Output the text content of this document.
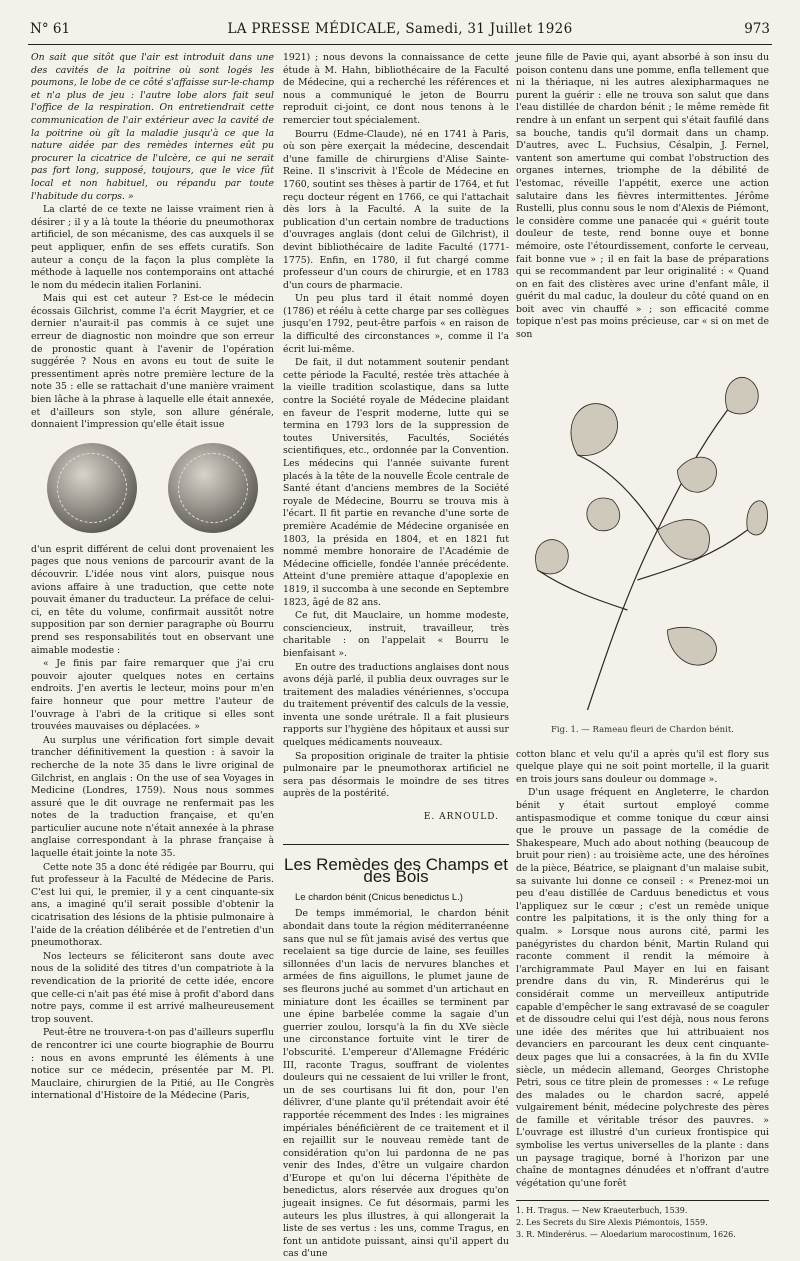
N° 61	LA PRESSE MÉDICALE, Samedi, 31 Juillet 1926	973

On sait que sitôt que l'air est introduit dans une des cavités de la poitrine où sont logés les poumons, le lobe de ce côté s'affaisse sur-le-champ et n'a plus de jeu : l'autre lobe alors fait seul l'office de la respiration. On entretiendrait cette communication de l'air extérieur avec la cavité de la poitrine où gît la maladie jusqu'à ce que la nature aidée par des remèdes internes eût pu procurer la cicatrice de l'ulcère, ce qui ne serait pas fort long, supposé, toujours, que le vice fût local et non habituel, ou répandu par toute l'habitude du corps. »

La clarté de ce texte ne laisse vraiment rien à désirer ; il y a là toute la théorie du pneumothorax artificiel, de son mécanisme, des cas auxquels il se peut appliquer, enfin de ses effets curatifs. Son auteur a conçu de la façon la plus complète la méthode à laquelle nos contemporains ont attaché le nom du médecin italien Forlanini.

Mais qui est cet auteur ? Est-ce le médecin écossais Gilchrist, comme l'a écrit Maygrier, et ce dernier n'aurait-il pas commis à ce sujet une erreur de diagnostic non moindre que son erreur de pronostic quant à l'avenir de l'opération suggérée ? Nous en avons eu tout de suite le pressentiment après notre première lecture de la note 35 : elle se rattachait d'une manière vraiment bien lâche à la phrase à laquelle elle était annexée, et d'ailleurs son style, son allure générale, donnaient l'impression qu'elle était issue

d'un esprit différent de celui dont provenaient les pages que nous venions de parcourir avant de la découvrir. L'idée nous vint alors, puisque nous avions affaire à une traduction, que cette note pouvait émaner du traducteur. La préface de celui-ci, en tête du volume, confirmait aussitôt notre supposition par son dernier paragraphe où Bourru prend ses responsabilités tout en observant une aimable modestie :

« Je finis par faire remarquer que j'ai cru pouvoir ajouter quelques notes en certains endroits. J'en avertis le lecteur, moins pour m'en faire honneur que pour mettre l'auteur de l'ouvrage à l'abri de la critique si elles sont trouvées mauvaises ou déplacées. »

Au surplus une vérification fort simple devait trancher définitivement la question : à savoir la recherche de la note 35 dans le livre original de Gilchrist, en anglais : On the use of sea Voyages in Medicine (Londres, 1759). Nous nous sommes assuré que le dit ouvrage ne renfermait pas les notes de la traduction française, et qu'en particulier aucune note n'était annexée à la phrase anglaise correspondant à la phrase française à laquelle était jointe la note 35.

Cette note 35 a donc été rédigée par Bourru, qui fut professeur à la Faculté de Médecine de Paris. C'est lui qui, le premier, il y a cent cinquante-six ans, a imaginé qu'il serait possible d'obtenir la cicatrisation des lésions de la phtisie pulmonaire à l'aide de la création délibérée et de l'entretien d'un pneumothorax.

Nos lecteurs se féliciteront sans doute avec nous de la solidité des titres d'un compatriote à la revendication de la priorité de cette idée, encore que celle-ci n'ait pas été mise à profit d'abord dans notre pays, comme il est arrivé malheureusement trop souvent.

Peut-être ne trouvera-t-on pas d'ailleurs superflu de rencontrer ici une courte biographie de Bourru : nous en avons emprunté les éléments à une notice sur ce médecin, présentée par M. Pl. Mauclaire, chirurgien de la Pitié, au IIe Congrès international d'Histoire de la Médecine (Paris,

1921) ; nous devons la connaissance de cette étude à M. Hahn, bibliothécaire de la Faculté de Médecine, qui a recherché les références et nous a communiqué le jeton de Bourru reproduit ci-joint, ce dont nous tenons à le remercier tout spécialement.

Bourru (Edme-Claude), né en 1741 à Paris, où son père exerçait la médecine, descendait d'une famille de chirurgiens d'Alise Sainte-Reine. Il s'inscrivit à l'École de Médecine en 1760, soutint ses thèses à partir de 1764, et fut reçu docteur régent en 1766, ce qui l'attachait dès lors à la Faculté. A la suite de la publication d'un certain nombre de traductions d'ouvrages anglais (dont celui de Gilchrist), il devint bibliothécaire de ladite Faculté (1771-1775). Enfin, en 1780, il fut chargé comme professeur d'un cours de chirurgie, et en 1783 d'un cours de pharmacie.

Un peu plus tard il était nommé doyen (1786) et réélu à cette charge par ses collègues jusqu'en 1792, peut-être parfois « en raison de la difficulté des circonstances », comme il l'a écrit lui-même.

De fait, il dut notamment soutenir pendant cette période la Faculté, restée très attachée à la vieille tradition scolastique, dans sa lutte contre la Société royale de Médecine plaidant en faveur de l'esprit moderne, lutte qui se termina en 1793 lors de la suppression de toutes Universités, Facultés, Sociétés scientifiques, etc., ordonnée par la Convention. Les médecins qui l'année suivante furent placés à la tête de la nouvelle École centrale de Santé étant d'anciens membres de la Société royale de Médecine, Bourru se trouva mis à l'écart. Il fit partie en revanche d'une sorte de première Académie de Médecine organisée en 1803, la présida en 1804, et en 1821 fut nommé membre honoraire de l'Académie de Médecine officielle, fondée l'année précédente. Atteint d'une première attaque d'apoplexie en 1819, il succomba à une seconde en Septembre 1823, âgé de 82 ans.

Ce fut, dit Mauclaire, un homme modeste, consciencieux, instruit, travailleur, très charitable : on l'appelait « Bourru le bienfaisant ».

En outre des traductions anglaises dont nous avons déjà parlé, il publia deux ouvrages sur le traitement des maladies vénériennes, s'occupa du traitement préventif des calculs de la vessie, inventa une sonde urétrale. Il a fait plusieurs rapports sur l'hygiène des hôpitaux et aussi sur quelques médicaments nouveaux.

Sa proposition originale de traiter la phtisie pulmonaire par le pneumothorax artificiel ne sera pas désormais le moindre de ses titres auprès de la postérité.

E. ARNOULD.
Les Remèdes des Champs et des Bois
Le chardon bénit (Cnicus benedictus L.)

De temps immémorial, le chardon bénit abondait dans toute la région méditerranéenne sans que nul se fût jamais avisé des vertus que recelaient sa tige durcie de laine, ses feuilles sillonnées d'un lacis de nervures blanches et armées de fins aiguillons, le plumet jaune de ses fleurons juché au sommet d'un artichaut en miniature dont les écailles se terminent par une épine barbelée comme la sagaie d'un guerrier zoulou, lorsqu'à la fin du XVe siècle une circonstance fortuite vint le tirer de l'obscurité. L'empereur d'Allemagne Frédéric III, raconte Tragus, souffrant de violentes douleurs qui ne cessaient de lui vriller le front, un de ses courtisans lui fit don, pour l'en délivrer, d'une plante qu'il prétendait avoir été rapportée récemment des Indes : les migraines impériales bénéficièrent de ce traitement et il en rejaillit sur le nouveau remède tant de considération qu'on lui pardonna de ne pas venir des Indes, d'être un vulgaire chardon d'Europe et qu'on lui décerna l'épithète de benedictus, alors réservée aux drogues qu'on jugeait insignes. Ce fut désormais, parmi les auteurs les plus illustres, à qui allongerait la liste de ses vertus : les uns, comme Tragus, en font un antidote puissant, ainsi qu'il appert du cas d'une

jeune fille de Pavie qui, ayant absorbé à son insu du poison contenu dans une pomme, enfla tellement que ni la thériaque, ni les autres alexipharmaques ne purent la guérir : elle ne trouva son salut que dans l'eau distillée de chardon bénit ; le même remède fit rendre à un enfant un serpent qui s'était faufilé dans sa bouche, tandis qu'il dormait dans un champ. D'autres, avec L. Fuchsius, Césalpin, J. Fernel, vantent son amertume qui combat l'obstruction des organes internes, triomphe de la débilité de l'estomac, réveille l'appétit, exerce une action salutaire dans les fièvres intermittentes. Jérôme Rustelli, plus connu sous le nom d'Alexis de Piémont, le considère comme une panacée qui « guérit toute douleur de teste, rend bonne ouye et bonne mémoire, oste l'étourdissement, conforte le cerveau, fait bonne vue » ; il en fait la base de préparations qui se recommandent par leur originalité : « Quand on en fait des clistères avec urine d'enfant mâle, il guérit du mal caduc, la douleur du côté quand on en boit avec vin chauffé » ; son efficacité comme topique n'est pas moins précieuse, car « si on met de son

Fig. 1. — Rameau fleuri de Chardon bénit.

cotton blanc et velu qu'il a après qu'il est flory sus quelque playe qui ne soit point mortelle, il la guarit en trois jours sans douleur ou dommage ».

D'un usage fréquent en Angleterre, le chardon bénit y était surtout employé comme antispasmodique et comme tonique du cœur ainsi que le prouve un passage de la comédie de Shakespeare, Much ado about nothing (beaucoup de bruit pour rien) : au troisième acte, une des héroïnes de la pièce, Béatrice, se plaignant d'un malaise subit, sa suivante lui donne ce conseil : « Prenez-moi un peu d'eau distillée de Carduus benedictus et vous l'appliquez sur le cœur ; c'est un remède unique contre les palpitations, it is the only thing for a qualm. » Lorsque nous aurons cité, parmi les panégyristes du chardon bénit, Martin Ruland qui raconte comment il rendit la mémoire à l'archigrammate Paul Mayer en lui en faisant prendre dans du vin, R. Minderérus qui le considérait comme un merveilleux antiputride capable d'empêcher le sang extravasé de se coaguler et de dissoudre celui qui l'est déjà, nous nous ferons une idée des mérites que lui attribuaient nos devanciers en parcourant les deux cent cinquante-deux pages que lui a consacrées, à la fin du XVIIe siècle, un médecin allemand, Georges Christophe Petri, sous ce titre plein de promesses : « Le refuge des malades ou le chardon sacré, appelé vulgairement bénit, médecine polychreste des pères de famille et véritable trésor des pauvres. » L'ouvrage est illustré d'un curieux frontispice qui symbolise les vertus universelles de la plante : dans un paysage tragique, borné à l'horizon par une chaîne de montagnes dénudées et n'offrant d'autre végétation qu'une forêt

1. H. Tragus. — New Kraeuterbuch, 1539.
2. Les Secrets du Sire Alexis Piémontois, 1559.
3. R. Minderérus. — Aloedarium marocostinum, 1626.
